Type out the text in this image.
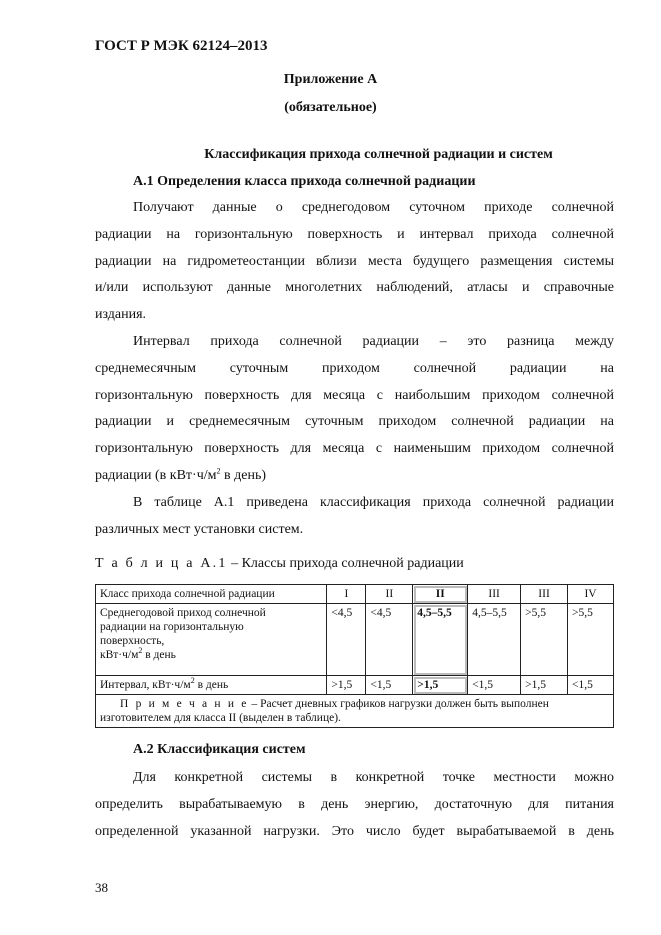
ГОСТ Р МЭК 62124–2013
Приложение А
(обязательное)
Классификация прихода солнечной радиации и систем
А.1 Определения класса прихода солнечной радиации
Получают данные о среднегодовом суточном приходе солнечной
радиации на горизонтальную поверхность и интервал прихода солнечной
радиации на гидрометеостанции вблизи места будущего размещения системы
и/или используют данные многолетних наблюдений, атласы и справочные
издания.
Интервал прихода солнечной радиации – это разница между
среднемесячным суточным приходом солнечной радиации на
горизонтальную поверхность для месяца с наибольшим приходом солнечной
радиации и среднемесячным суточным приходом солнечной радиации на
горизонтальную поверхность для месяца с наименьшим приходом солнечной
радиации (в $кВт\cdot ч/м^2$ в день)
В таблице А.1 приведена классификация прихода солнечной радиации
различных мест установки систем.
Т а б л и ц а А.1 – Классы прихода солнечной радиации
Класс прихода солнечной радиации	I	II	II	III	III	IV

Среднегодовой приход солнечной
радиации на горизонтальную
поверхность,
$кВт\cdot ч/м^2$ в день	<4,5	<4,5	4,5–5,5	4,5–5,5	>5,5	>5,5
Интервал, $кВт\cdot ч/м^2$ в день	>1,5	<1,5	>1,5	<1,5	>1,5	<1,5
П р и м е ч а н и е – Расчет дневных графиков нагрузки должен быть выполнен изготовителем для класса II (выделен в таблице).						
А.2 Классификация систем
Для конкретной системы в конкретной точке местности можно
определить вырабатываемую в день энергию, достаточную для питания
определенной указанной нагрузки. Это число будет вырабатываемой в день
38
